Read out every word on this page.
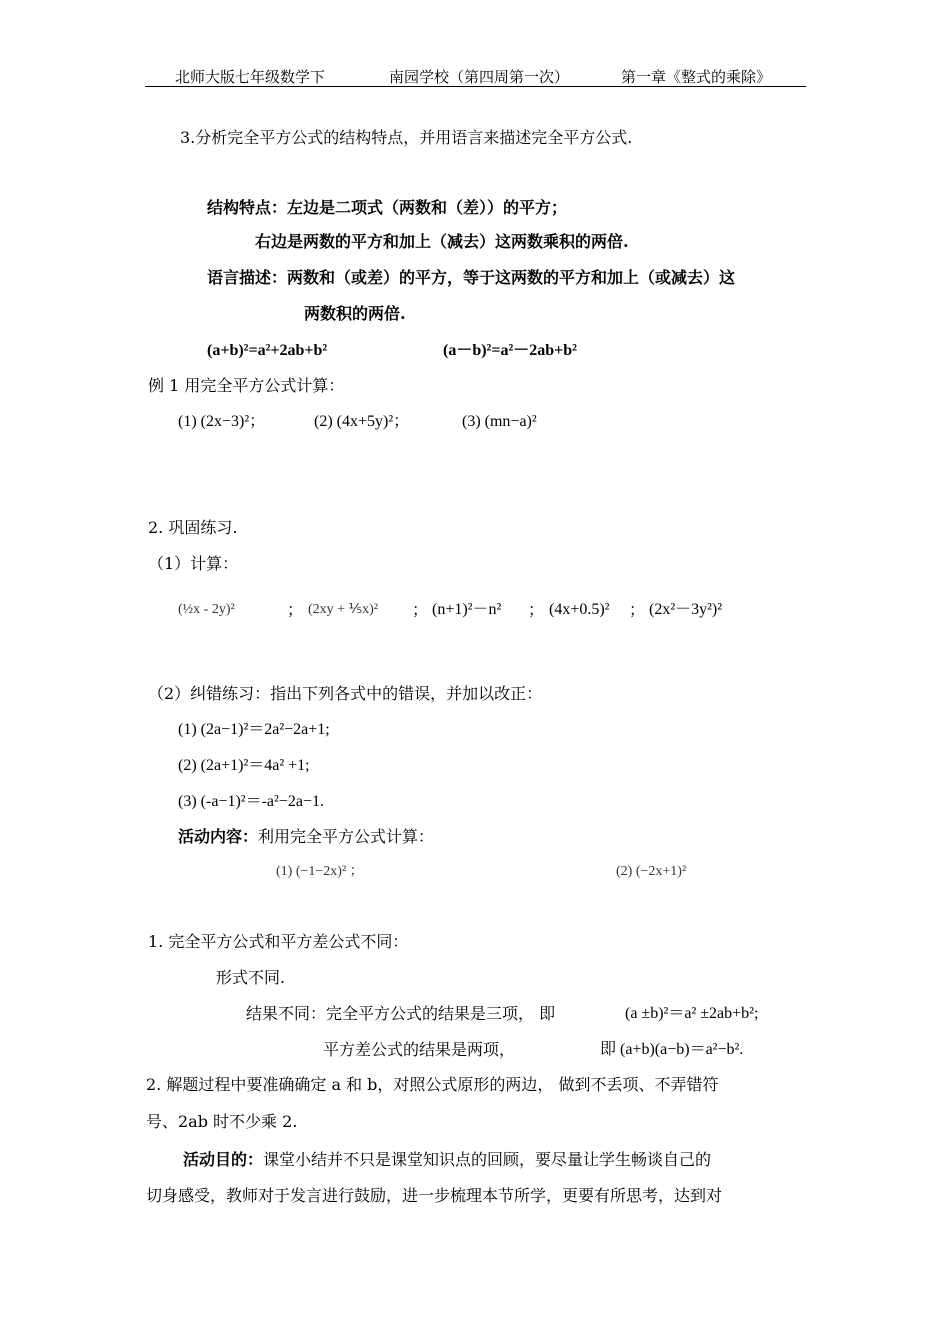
北师大版七年级数学下	南园学校（第四周第一次）	第一章《整式的乘除》
3.分析完全平方公式的结构特点，并用语言来描述完全平方公式.
结构特点：左边是二项式（两数和（差））的平方；
右边是两数的平方和加上（减去）这两数乘积的两倍.
语言描述：两数和（或差）的平方，等于这两数的平方和加上（或减去）这
两数积的两倍.
(a+b)²=a²+2ab+b²	(a－b)²=a²－2ab+b²
例 1 用完全平方公式计算：
(1) (2x−3)²；	(2) (4x+5y)²；	(3) (mn−a)²
2. 巩固练习.
（1）计算：
(½x - 2y)²	； (2xy + ⅕x)² ； (n+1)²－n² ； (4x+0.5)² ； (2x²－3y²)²
（2）纠错练习：指出下列各式中的错误，并加以改正：
(1) (2a−1)²＝2a²−2a+1;
(2) (2a+1)²＝4a² +1;
(3) (-a−1)²＝-a²−2a−1.
活动内容：利用完全平方公式计算：
(1) (−1−2x)² ；	(2) (−2x+1)²
1. 完全平方公式和平方差公式不同：
形式不同.
结果不同：完全平方公式的结果是三项， 即	(a ±b)²＝a² ±2ab+b²;
平方差公式的结果是两项，	即 (a+b)(a−b)＝a²−b².
2. 解题过程中要准确确定 a 和 b，对照公式原形的两边， 做到不丢项、不弄错符
号、2ab 时不少乘 2.
活动目的：课堂小结并不只是课堂知识点的回顾，要尽量让学生畅谈自己的
切身感受，教师对于发言进行鼓励，进一步梳理本节所学，更要有所思考，达到对
